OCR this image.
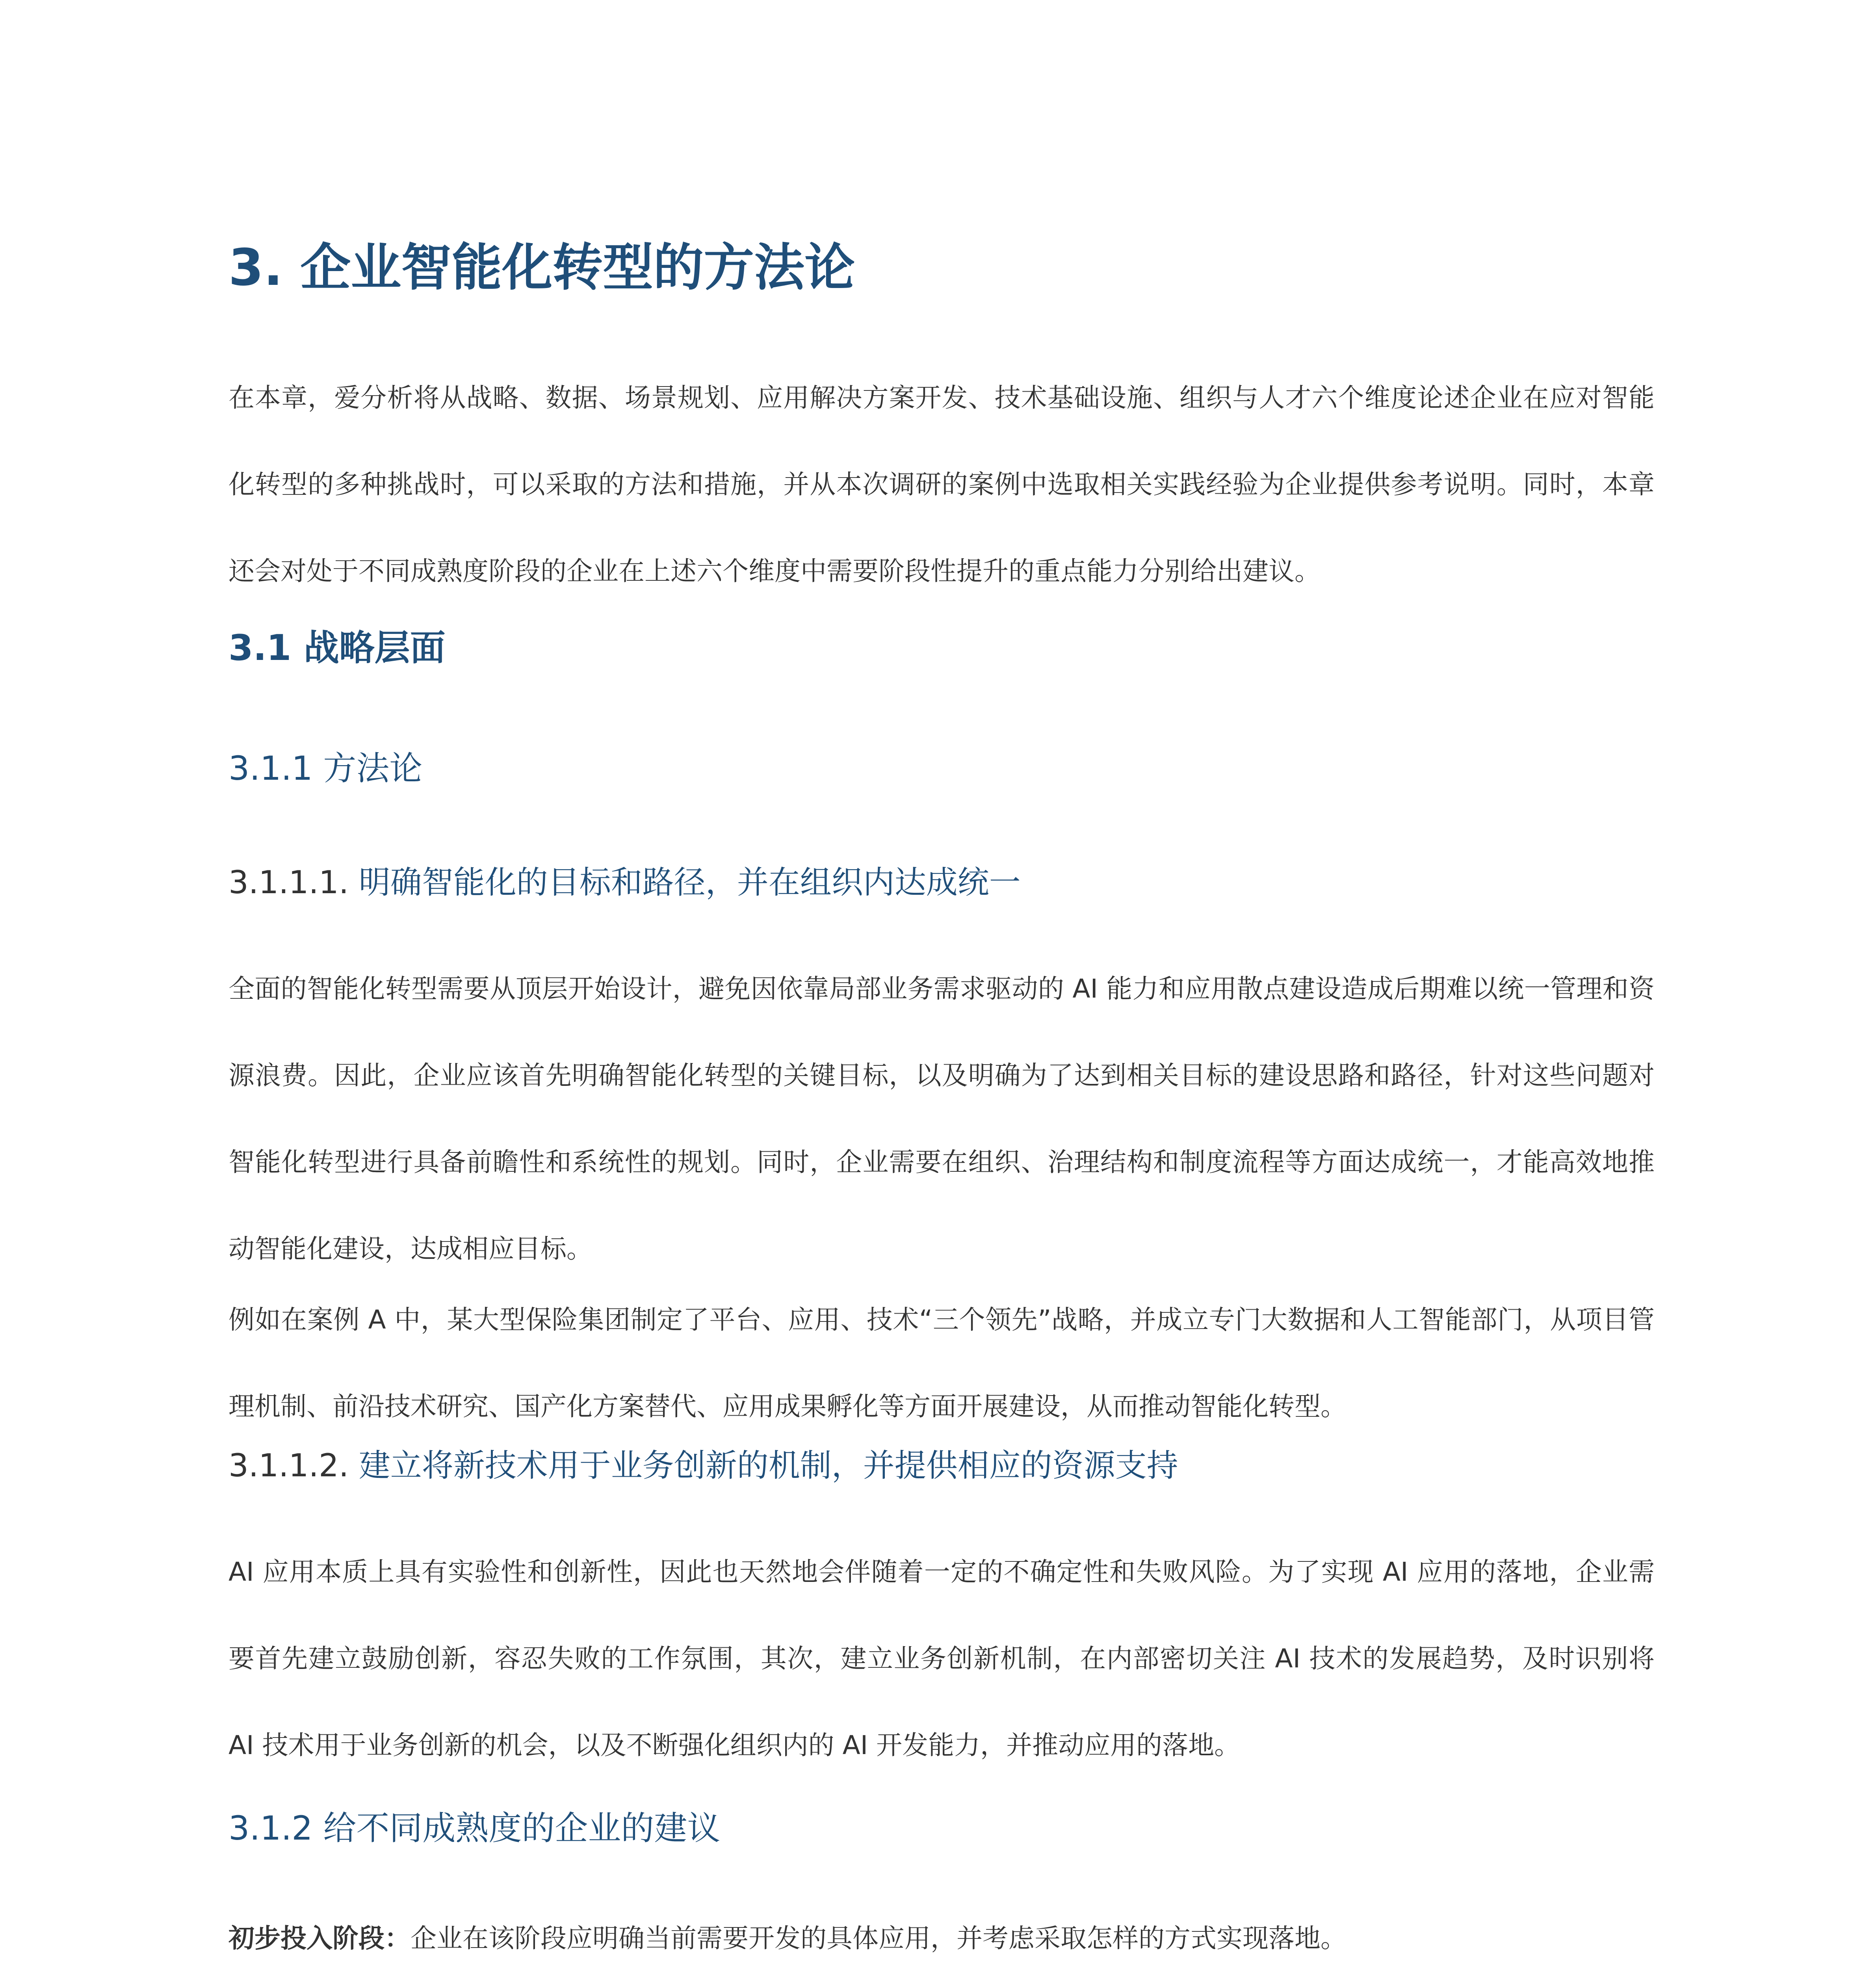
3. 企业智能化转型的方法论

在本章，爱分析将从战略、数据、场景规划、应用解决方案开发、技术基础设施、组织与人才六个维度论述企业在应对智能化转型的多种挑战时，可以采取的方法和措施，并从本次调研的案例中选取相关实践经验为企业提供参考说明。同时，本章还会对处于不同成熟度阶段的企业在上述六个维度中需要阶段性提升的重点能力分别给出建议。

3.1 战略层面
3.1.1 方法论
3.1.1.1. 明确智能化的目标和路径，并在组织内达成统一

全面的智能化转型需要从顶层开始设计，避免因依靠局部业务需求驱动的 AI 能力和应用散点建设造成后期难以统一管理和资源浪费。因此，企业应该首先明确智能化转型的关键目标，以及明确为了达到相关目标的建设思路和路径，针对这些问题对智能化转型进行具备前瞻性和系统性的规划。同时，企业需要在组织、治理结构和制度流程等方面达成统一，才能高效地推动智能化建设，达成相应目标。

例如在案例 A 中，某大型保险集团制定了平台、应用、技术“三个领先”战略，并成立专门大数据和人工智能部门，从项目管理机制、前沿技术研究、国产化方案替代、应用成果孵化等方面开展建设，从而推动智能化转型。

3.1.1.2. 建立将新技术用于业务创新的机制，并提供相应的资源支持

AI 应用本质上具有实验性和创新性，因此也天然地会伴随着一定的不确定性和失败风险。为了实现 AI 应用的落地，企业需要首先建立鼓励创新，容忍失败的工作氛围，其次，建立业务创新机制，在内部密切关注 AI 技术的发展趋势，及时识别将 AI 技术用于业务创新的机会，以及不断强化组织内的 AI 开发能力，并推动应用的落地。

3.1.2 给不同成熟度的企业的建议

初步投入阶段：企业在该阶段应明确当前需要开发的具体应用，并考虑采取怎样的方式实现落地。
